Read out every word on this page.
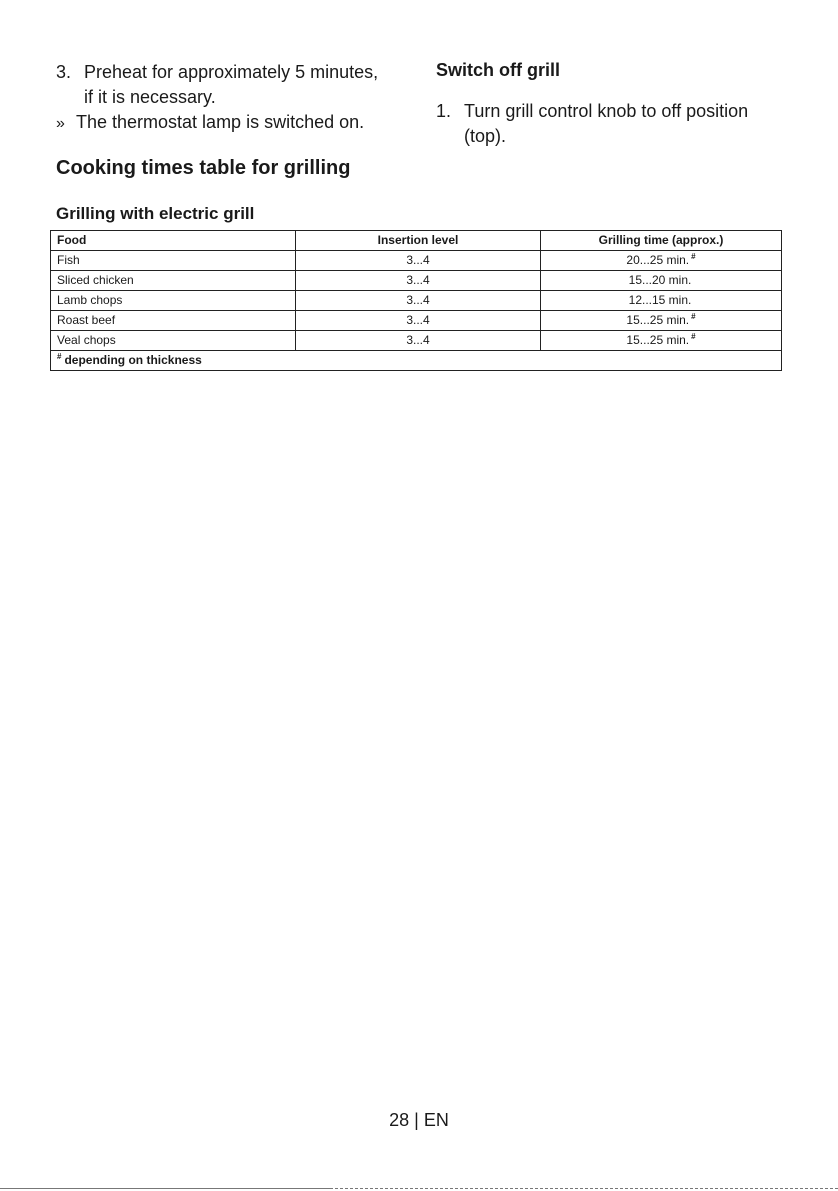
3. Preheat for approximately 5 minutes, if it is necessary.
» The thermostat lamp is switched on.
Switch off grill
1. Turn grill control knob to off position (top).
Cooking times table for grilling
Grilling with electric grill
Food	Insertion level	Grilling time (approx.)
Fish	3...4	20...25 min. #
Sliced chicken	3...4	15...20 min.
Lamb chops	3...4	12...15 min.
Roast beef	3...4	15...25 min. #
Veal chops	3...4	15...25 min. #
# depending on thickness		
28 | EN
